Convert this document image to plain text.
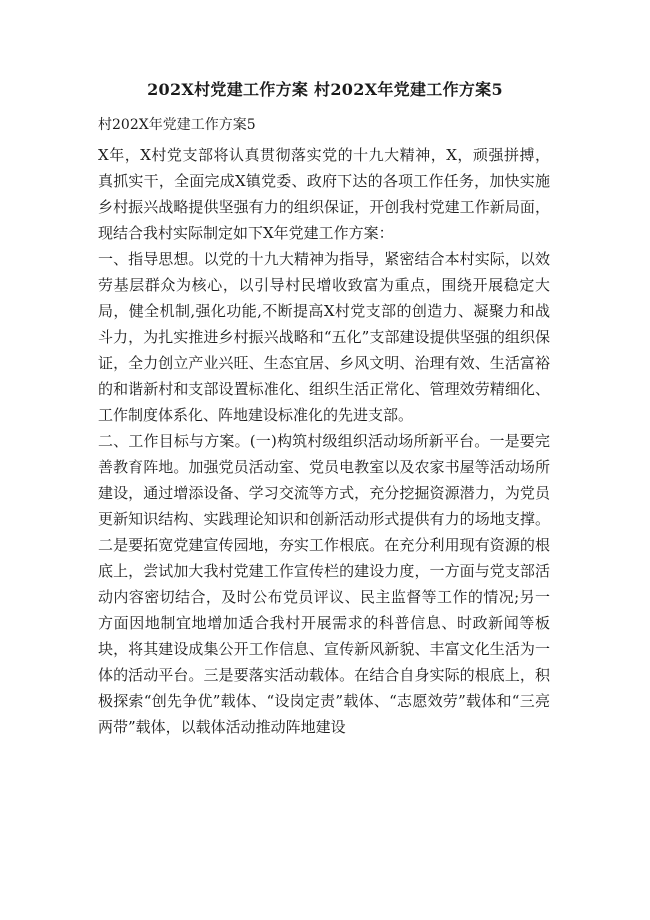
202X村党建工作方案 村202X年党建工作方案5
村202X年党建工作方案5

X年，X村党支部将认真贯彻落实党的十九大精神，X，顽强拼搏，真抓实干，全面完成X镇党委、政府下达的各项工作任务，加快实施乡村振兴战略提供坚强有力的组织保证，开创我村党建工作新局面，现结合我村实际制定如下X年党建工作方案：

一、指导思想。以党的十九大精神为指导，紧密结合本村实际，以效劳基层群众为核心，以引导村民增收致富为重点，围绕开展稳定大局，健全机制,强化功能,不断提高X村党支部的创造力、凝聚力和战斗力，为扎实推进乡村振兴战略和“五化”支部建设提供坚强的组织保证，全力创立产业兴旺、生态宜居、乡风文明、治理有效、生活富裕的和谐新村和支部设置标准化、组织生活正常化、管理效劳精细化、工作制度体系化、阵地建设标准化的先进支部。

二、工作目标与方案。(一)构筑村级组织活动场所新平台。一是要完善教育阵地。加强党员活动室、党员电教室以及农家书屋等活动场所建设，通过增添设备、学习交流等方式，充分挖掘资源潜力，为党员更新知识结构、实践理论知识和创新活动形式提供有力的场地支撑。二是要拓宽党建宣传园地，夯实工作根底。在充分利用现有资源的根底上，尝试加大我村党建工作宣传栏的建设力度，一方面与党支部活动内容密切结合，及时公布党员评议、民主监督等工作的情况;另一方面因地制宜地增加适合我村开展需求的科普信息、时政新闻等板块，将其建设成集公开工作信息、宣传新风新貌、丰富文化生活为一体的活动平台。三是要落实活动载体。在结合自身实际的根底上，积极探索“创先争优”载体、“设岗定责”载体、“志愿效劳”载体和“三亮两带”载体，以载体活动推动阵地建设
